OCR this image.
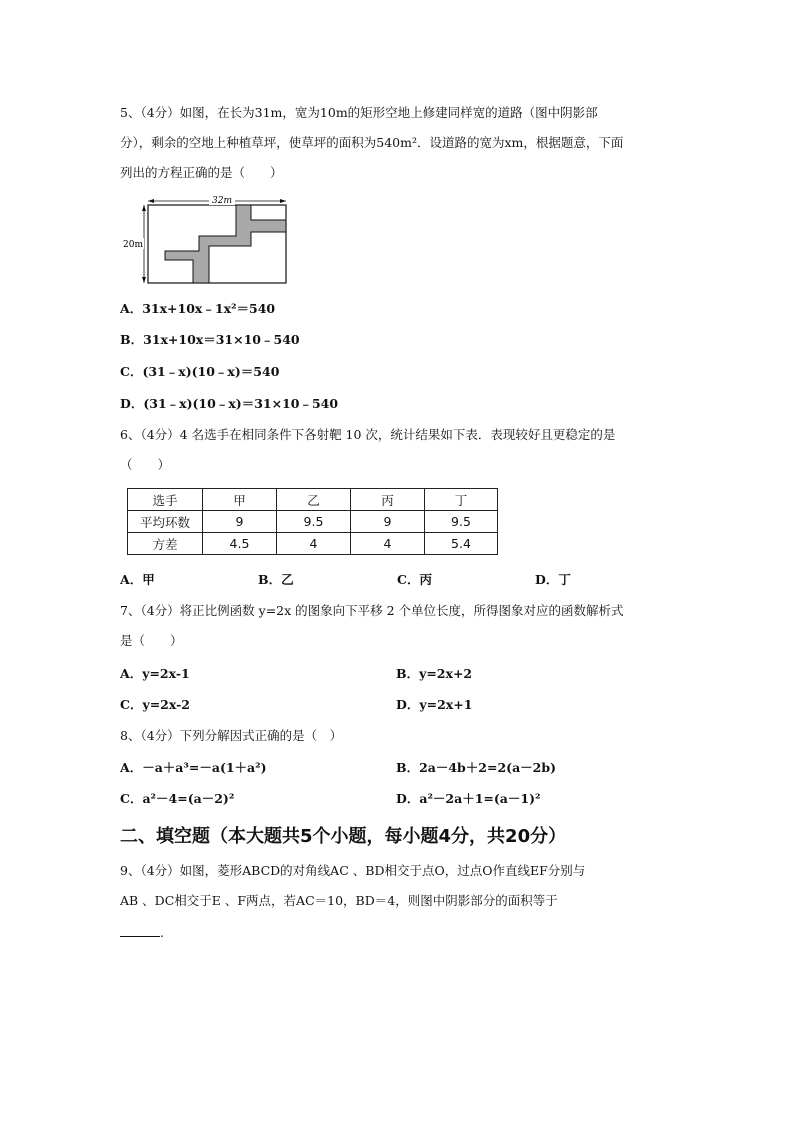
5、（4分）如图，在长为31m，宽为10m的矩形空地上修建同样宽的道路（图中阴影部
分），剩余的空地上种植草坪，使草坪的面积为540m²．设道路的宽为xm，根据题意，下面
列出的方程正确的是（　　）
32m
20m
A．31x+10x﹣1x²＝540
B．31x+10x＝31×10﹣540
C．(31﹣x)(10﹣x)＝540
D．(31﹣x)(10﹣x)＝31×10﹣540
6、（4分）4 名选手在相同条件下各射靶 10 次，统计结果如下表．表现较好且更稳定的是
（　　）
选手	甲	乙	丙	丁
平均环数	9	9.5	9	9.5
方差	4.5	4	4	5.4
A．甲	B．乙	C．丙	D．丁
7、（4分）将正比例函数 y=2x 的图象向下平移 2 个单位长度，所得图象对应的函数解析式
是（　　）
A．y=2x-1	B．y=2x+2
C．y=2x-2	D．y=2x+1
8、（4分）下列分解因式正确的是（　）
A．－a＋a³=－a(1＋a²)	B．2a－4b＋2=2(a－2b)
C．a²－4=(a－2)²	D．a²－2a＋1=(a－1)²
二、填空题（本大题共5个小题，每小题4分，共20分）
9、（4分）如图，菱形ABCD的对角线AC 、BD相交于点O，过点O作直线EF分别与
AB 、DC相交于E 、F两点，若AC＝10，BD＝4，则图中阴影部分的面积等于
.
